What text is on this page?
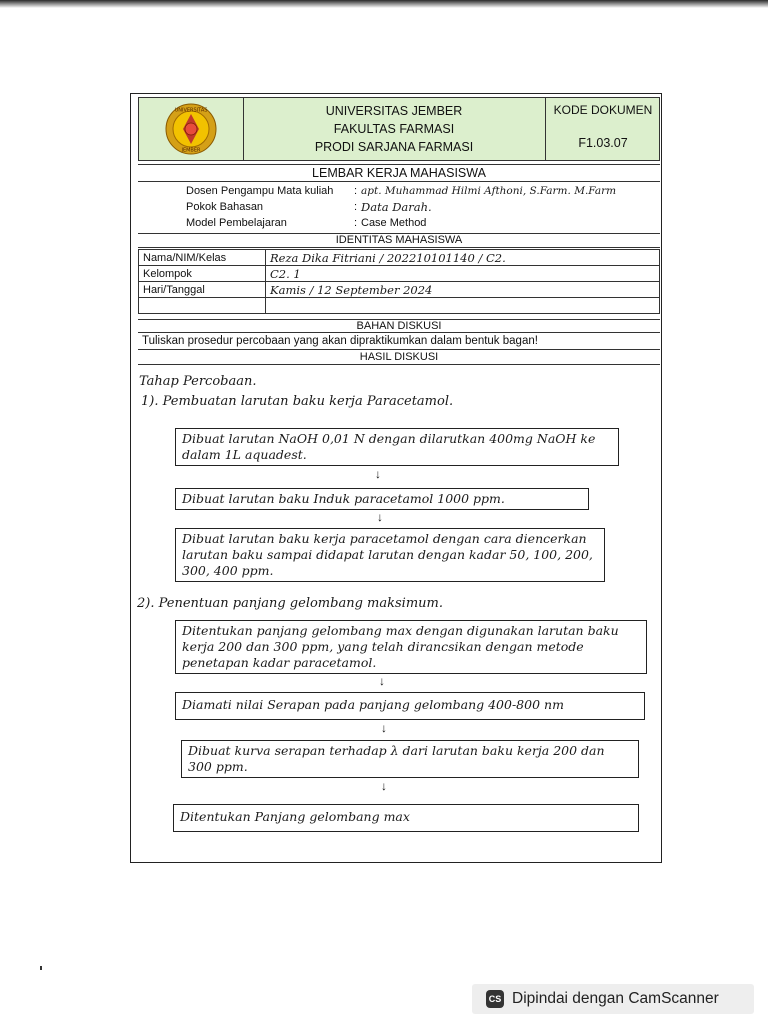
UNIVERSITAS
JEMBER
UNIVERSITAS JEMBER
FAKULTAS FARMASI
PRODI SARJANA FARMASI
KODE DOKUMEN
F1.03.07
LEMBAR KERJA MAHASISWA
Dosen Pengampu Mata kuliah : apt. Muhammad Hilmi Afthoni, S.Farm. M.Farm
Pokok Bahasan	: Data Darah.
Model Pembelajaran	: Case Method
IDENTITAS MAHASISWA
Nama/NIM/Kelas	Reza Dika Fitriani / 202210101140 / C2.
Kelompok	C2. 1
Hari/Tanggal	Kamis / 12 September 2024

BAHAN DISKUSI
Tuliskan prosedur percobaan yang akan dipraktikumkan dalam bentuk bagan!
HASIL DISKUSI
Tahap Percobaan.
1). Pembuatan larutan baku kerja Paracetamol.
Dibuat larutan NaOH 0,01 N dengan dilarutkan 400mg NaOH ke dalam 1L aquadest.
↓
Dibuat larutan baku Induk paracetamol 1000 ppm.
↓
Dibuat larutan baku kerja paracetamol dengan cara diencerkan larutan baku sampai didapat larutan dengan kadar 50, 100, 200, 300, 400 ppm.
2). Penentuan panjang gelombang maksimum.
Ditentukan panjang gelombang max dengan digunakan larutan baku kerja 200 dan 300 ppm, yang telah dirancsikan dengan metode penetapan kadar paracetamol.
↓
Diamati nilai Serapan pada panjang gelombang 400-800 nm
↓
Dibuat kurva serapan terhadap λ dari larutan baku kerja 200 dan 300 ppm.
↓
Ditentukan Panjang gelombang max
CS Dipindai dengan CamScanner
